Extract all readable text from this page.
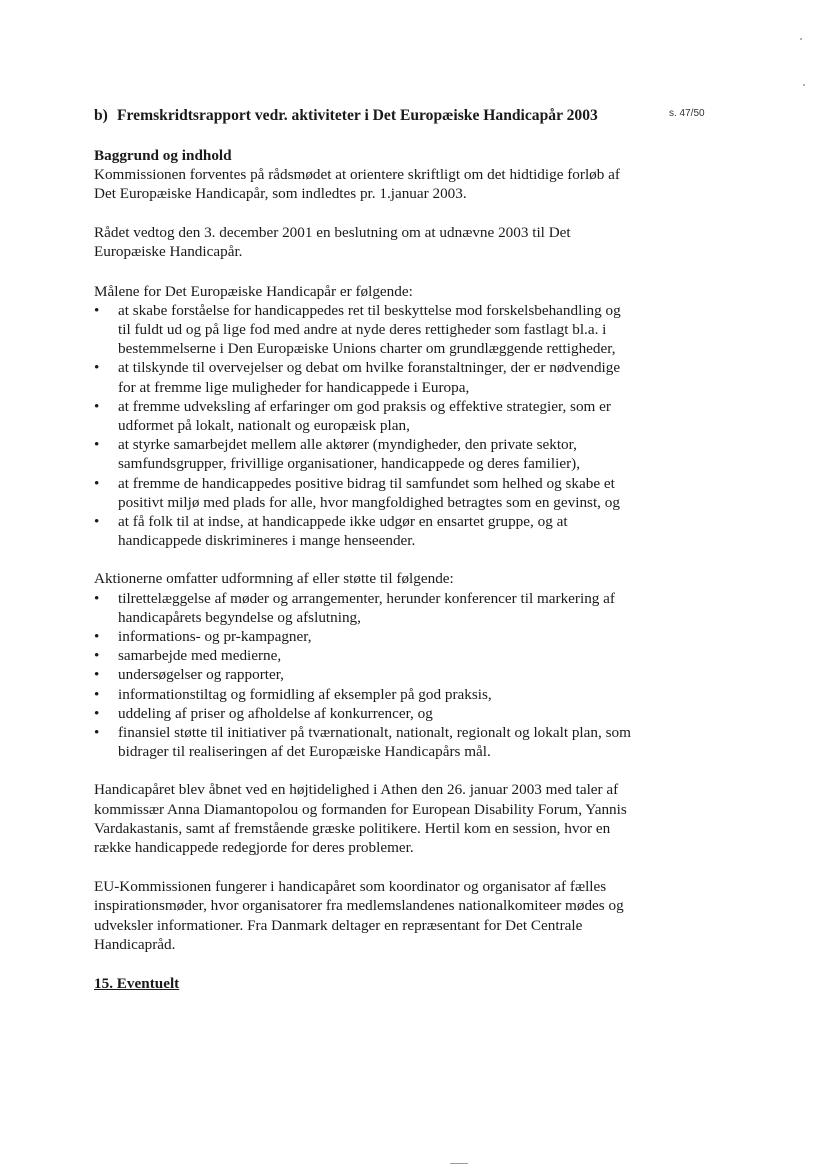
s. 47/50
b) Fremskridtsrapport vedr. aktiviteter i Det Europæiske Handicapår 2003
Baggrund og indhold

Kommissionen forventes på rådsmødet at orientere skriftligt om det hidtidige forløb af Det Europæiske Handicapår, som indledtes pr. 1.januar 2003.

Rådet vedtog den 3. december 2001 en beslutning om at udnævne 2003 til Det Europæiske Handicapår.

Målene for Det Europæiske Handicapår er følgende:
• at skabe forståelse for handicappedes ret til beskyttelse mod forskelsbehandling og til fuldt ud og på lige fod med andre at nyde deres rettigheder som fastlagt bl.a. i bestemmelserne i Den Europæiske Unions charter om grundlæggende rettigheder,
• at tilskynde til overvejelser og debat om hvilke foranstaltninger, der er nødvendige for at fremme lige muligheder for handicappede i Europa,
• at fremme udveksling af erfaringer om god praksis og effektive strategier, som er udformet på lokalt, nationalt og europæisk plan,
• at styrke samarbejdet mellem alle aktører (myndigheder, den private sektor, samfundsgrupper, frivillige organisationer, handicappede og deres familier),
• at fremme de handicappedes positive bidrag til samfundet som helhed og skabe et positivt miljø med plads for alle, hvor mangfoldighed betragtes som en gevinst, og
• at få folk til at indse, at handicappede ikke udgør en ensartet gruppe, og at handicappede diskrimineres i mange henseender.
Aktionerne omfatter udformning af eller støtte til følgende:
• tilrettelæggelse af møder og arrangementer, herunder konferencer til markering af handicapårets begyndelse og afslutning,
• informations- og pr-kampagner,
• samarbejde med medierne,
• undersøgelser og rapporter,
• informationstiltag og formidling af eksempler på god praksis,
• uddeling af priser og afholdelse af konkurrencer, og
• finansiel støtte til initiativer på tværnationalt, nationalt, regionalt og lokalt plan, som bidrager til realiseringen af det Europæiske Handicapårs mål.

Handicapåret blev åbnet ved en højtidelighed i Athen den 26. januar 2003 med taler af kommissær Anna Diamantopolou og formanden for European Disability Forum, Yannis Vardakastanis, samt af fremstående græske politikere. Hertil kom en session, hvor en række handicappede redegjorde for deres problemer.

EU-Kommissionen fungerer i handicapåret som koordinator og organisator af fælles inspirationsmøder, hvor organisatorer fra medlemslandenes nationalkomiteer mødes og udveksler informationer. Fra Danmark deltager en repræsentant for Det Centrale Handicapråd.

15. Eventuelt
